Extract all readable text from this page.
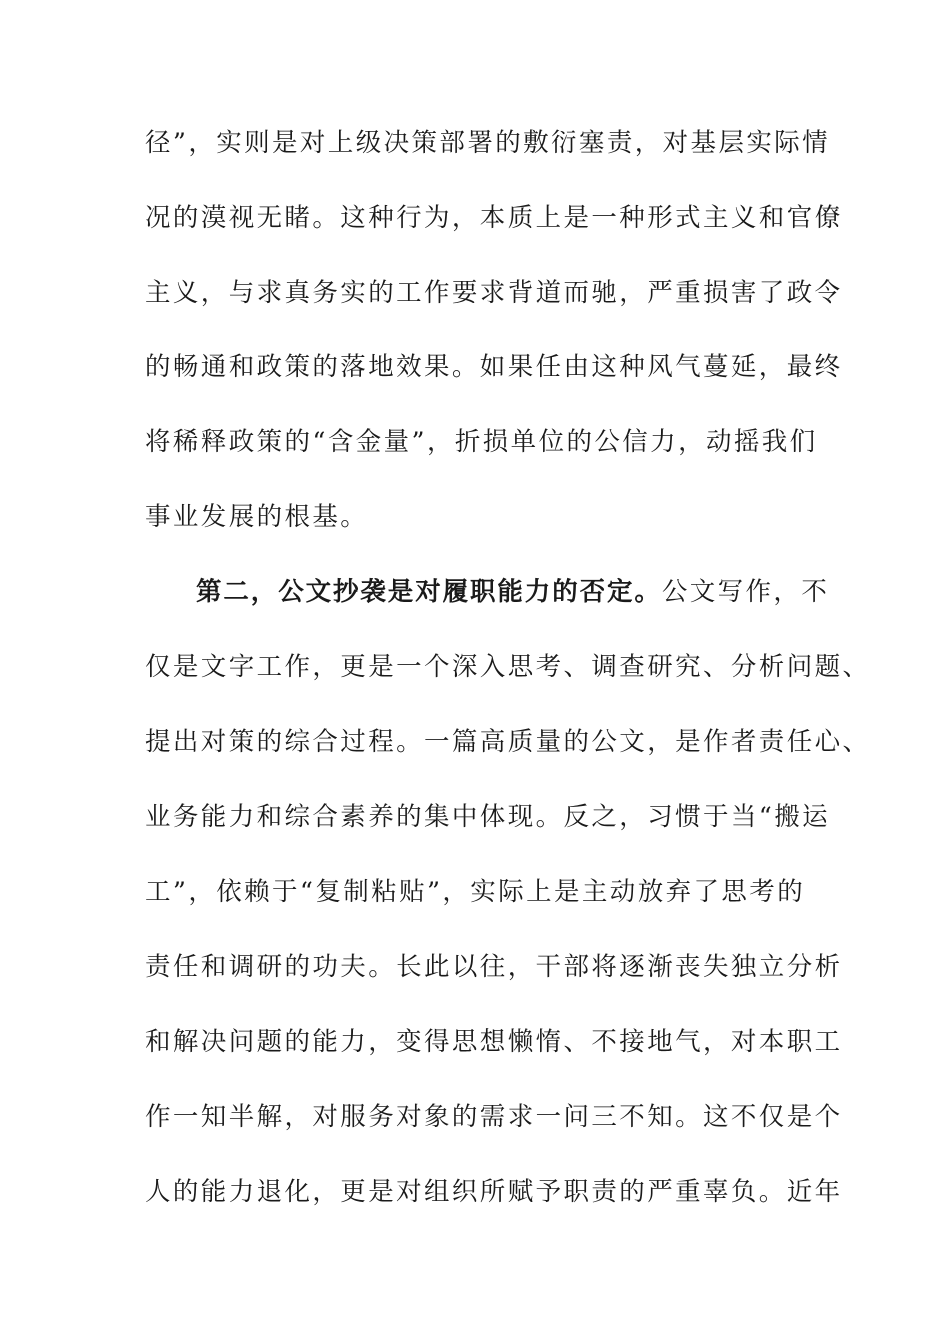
径”，实则是对上级决策部署的敷衍塞责，对基层实际情
况的漠视无睹。这种行为，本质上是一种形式主义和官僚
主义，与求真务实的工作要求背道而驰，严重损害了政令
的畅通和政策的落地效果。如果任由这种风气蔓延，最终
将稀释政策的“含金量”，折损单位的公信力，动摇我们
事业发展的根基。
第二，公文抄袭是对履职能力的否定。公文写作，不
仅是文字工作，更是一个深入思考、调查研究、分析问题、
提出对策的综合过程。一篇高质量的公文，是作者责任心、
业务能力和综合素养的集中体现。反之，习惯于当“搬运
工”，依赖于“复制粘贴”，实际上是主动放弃了思考的
责任和调研的功夫。长此以往，干部将逐渐丧失独立分析
和解决问题的能力，变得思想懒惰、不接地气，对本职工
作一知半解，对服务对象的需求一问三不知。这不仅是个
人的能力退化，更是对组织所赋予职责的严重辜负。近年
